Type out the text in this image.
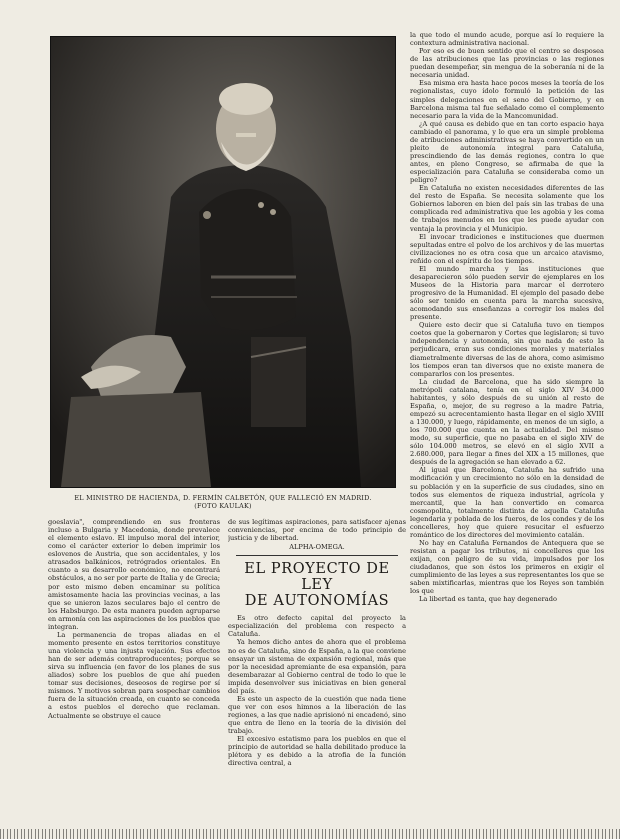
EL MINISTRO DE HACIENDA, D. FERMÍN CALBETÓN, QUE FALLECIÓ EN MADRID.
(FOTO KAULAK)

goeslavia", comprendiendo en sus fronteras incluso a Bulgaria y Macedonia, donde prevalece el elemento eslavo. El impulso moral del interior, como el carácter exterior lo deben imprimir los eslovenos de Austria, que son accidentales, y los atrasados balkánicos, retrógrados orientales. En cuanto a su desarrollo económico, no encontrará obstáculos, a no ser por parte de Italia y de Grecia; por esto mismo deben encaminar su política amistosamente hacia las provincias vecinas, a las que se unieron lazos seculares bajo el centro de los Habsburgo. De esta manera pueden agruparse en armonía con las aspiraciones de los pueblos que integran.

La permanencia de tropas aliadas en el momento presente en estos territorios constituye una violencia y una injusta vejación. Sus efectos han de ser además contraproducentes; porque se sirva su influencia (en favor de los planes de sus aliados) sobre los pueblos de que ahí pueden tomar sus decisiones, deseosos de regirse por sí mismos. Y motivos sobran para sospechar cambios fuera de la situación creada, en cuanto se conceda a estos pueblos el derecho que reclaman. Actualmente se obstruye el cauce

de sus legítimas aspiraciones, para satisfacer ajenas conveniencias, por encima de todo principio de justicia y de libertad.

ALPHA-OMEGA.
EL PROYECTO DE LEY
DE AUTONOMÍAS

Es otro defecto capital del proyecto la especialización del problema con respecto a Cataluña.

Ya hemos dicho antes de ahora que el problema no es de Cataluña, sino de España, a la que conviene ensayar un sistema de expansión regional, más que por la necesidad apremiante de esa expansión, para desembarazar al Gobierno central de todo lo que le impida desenvolver sus iniciativas en bien general del país.

Es este un aspecto de la cuestión que nada tiene que ver con esos himnos a la liberación de las regiones, a las que nadie aprisionó ni encadenó, sino que entra de lleno en la teoría de la división del trabajo.

El excesivo estatismo para los pueblos en que el principio de autoridad se halla debilitado produce la plétora y es debido a la atrofia de la función directiva central, a

la que todo el mundo acude, porque así lo requiere la contextura administrativa nacional.

Por eso es de buen sentido que el centro se desposea de las atribuciones que las provincias o las regiones puedan desempeñar, sin mengua de la soberanía ni de la necesaria unidad.

Esa misma era hasta hace pocos meses la teoría de los regionalistas, cuyo ídolo formuló la petición de las simples delegaciones en el seno del Gobierno, y en Barcelona misma tal fue señalado como el complemento necesario para la vida de la Mancomunidad.

¿A qué causa es debido que en tan corto espacio haya cambiado el panorama, y lo que era un simple problema de atribuciones administrativas se haya convertido en un pleito de autonomía integral para Cataluña, prescindiendo de las demás regiones, contra lo que antes, en pleno Congreso, se afirmaba de que la especialización para Cataluña se consideraba como un peligro?

En Cataluña no existen necesidades diferentes de las del resto de España. Se necesita solamente que los Gobiernos laboren en bien del país sin las trabas de una complicada red administrativa que les agobia y les coma de trabajos menudos en los que les puede ayudar con ventaja la provincia y el Municipio.

El invocar tradiciones e instituciones que duermen sepultadas entre el polvo de los archivos y de las muertas civilizaciones no es otra cosa que un arcaico atavismo, reñido con el espíritu de los tiempos.

El mundo marcha y las instituciones que desaparecieron sólo pueden servir de ejemplares en los Museos de la Historia para marcar el derrotero progresivo de la Humanidad. El ejemplo del pasado debe sólo ser tenido en cuenta para la marcha sucesiva, acomodando sus enseñanzas a corregir los males del presente.

Quiere esto decir que si Cataluña tuvo en tiempos coetos que la gobernaron y Cortes que legislaron; si tuvo independencia y autonomía, sin que nada de esto la perjudicara, eran sus condiciones morales y materiales diametralmente diversas de las de ahora, como asimismo los tiempos eran tan diversos que no existe manera de compararlos con los presentes.

La ciudad de Barcelona, que ha sido siempre la metrópoli catalana, tenía en el siglo XIV 34.000 habitantes, y sólo después de su unión al resto de España, o, mejor, de su regreso a la madre Patria, empezó su acrecentamiento hasta llegar en el siglo XVIII a 130.000, y luego, rápidamente, en menos de un siglo, a los 700.000 que cuenta en la actualidad. Del mismo modo, su superficie, que no pasaba en el siglo XIV de sólo 104.000 metros, se elevó en el siglo XVII a 2.680.000, para llegar a fines del XIX a 15 millones, que después de la agregación se han elevado a 62.

Al igual que Barcelona, Cataluña ha sufrido una modificación y un crecimiento no sólo en la densidad de su población y en la superficie de sus ciudades, sino en todos sus elementos de riqueza industrial, agrícola y mercantil, que la han convertido en comarca cosmopolita, totalmente distinta de aquella Cataluña legendaria y poblada de los fueros, de los condes y de los concelleres, hoy que quiere resucitar el esfuerzo romántico de los directores del movimiento catalán.

No hay en Cataluña Fernandos de Antequera que se resistan a pagar los tributos, ni concelleres que los exijan, con peligro de su vida, impulsados por los ciudadanos, que son éstos los primeros en exigir el cumplimiento de las leyes a sus representantes los que se saben mixtificarlas, mientras que los Reyes son también los que

La libertad es tanta, que hay degenerado
